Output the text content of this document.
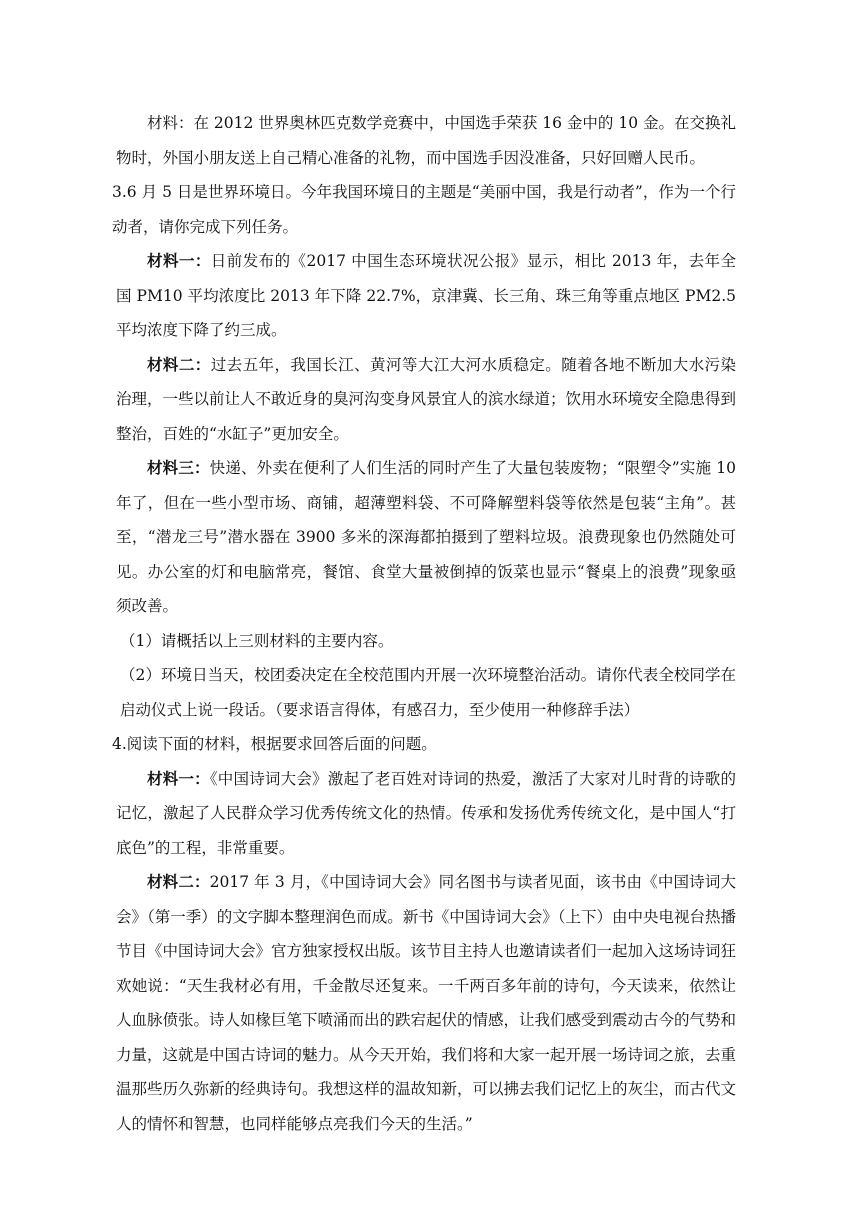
材料：在 2012 世界奥林匹克数学竞赛中，中国选手荣获 16 金中的 10 金。在交换礼物时，外国小朋友送上自己精心准备的礼物，而中国选手因没准备，只好回赠人民币。

3.6 月 5 日是世界环境日。今年我国环境日的主题是“美丽中国，我是行动者”，作为一个行动者，请你完成下列任务。

材料一：日前发布的《2017 中国生态环境状况公报》显示，相比 2013 年，去年全国 PM10 平均浓度比 2013 年下降 22.7%，京津冀、长三角、珠三角等重点地区 PM2.5 平均浓度下降了约三成。

材料二：过去五年，我国长江、黄河等大江大河水质稳定。随着各地不断加大水污染治理，一些以前让人不敢近身的臭河沟变身风景宜人的滨水绿道；饮用水环境安全隐患得到整治，百姓的“水缸子”更加安全。

材料三：快递、外卖在便利了人们生活的同时产生了大量包装废物；“限塑令”实施 10 年了，但在一些小型市场、商铺，超薄塑料袋、不可降解塑料袋等依然是包装“主角”。甚至，“潜龙三号”潜水器在 3900 多米的深海都拍摄到了塑料垃圾。浪费现象也仍然随处可见。办公室的灯和电脑常亮，餐馆、食堂大量被倒掉的饭菜也显示“餐桌上的浪费”现象亟须改善。

（1）请概括以上三则材料的主要内容。

（2）环境日当天，校团委决定在全校范围内开展一次环境整治活动。请你代表全校同学在启动仪式上说一段话。（要求语言得体，有感召力，至少使用一种修辞手法）

4.阅读下面的材料，根据要求回答后面的问题。

材料一：《中国诗词大会》激起了老百姓对诗词的热爱，激活了大家对儿时背的诗歌的记忆，激起了人民群众学习优秀传统文化的热情。传承和发扬优秀传统文化，是中国人“打底色”的工程，非常重要。

材料二：2017 年 3 月，《中国诗词大会》同名图书与读者见面，该书由《中国诗词大会》（第一季）的文字脚本整理润色而成。新书《中国诗词大会》（上下）由中央电视台热播节目《中国诗词大会》官方独家授权出版。该节目主持人也邀请读者们一起加入这场诗词狂欢她说：“天生我材必有用，千金散尽还复来。一千两百多年前的诗句，今天读来，依然让人血脉偾张。诗人如椽巨笔下喷涌而出的跌宕起伏的情感，让我们感受到震动古今的气势和力量，这就是中国古诗词的魅力。从今天开始，我们将和大家一起开展一场诗词之旅，去重温那些历久弥新的经典诗句。我想这样的温故知新，可以拂去我们记忆上的灰尘，而古代文人的情怀和智慧，也同样能够点亮我们今天的生活。”
